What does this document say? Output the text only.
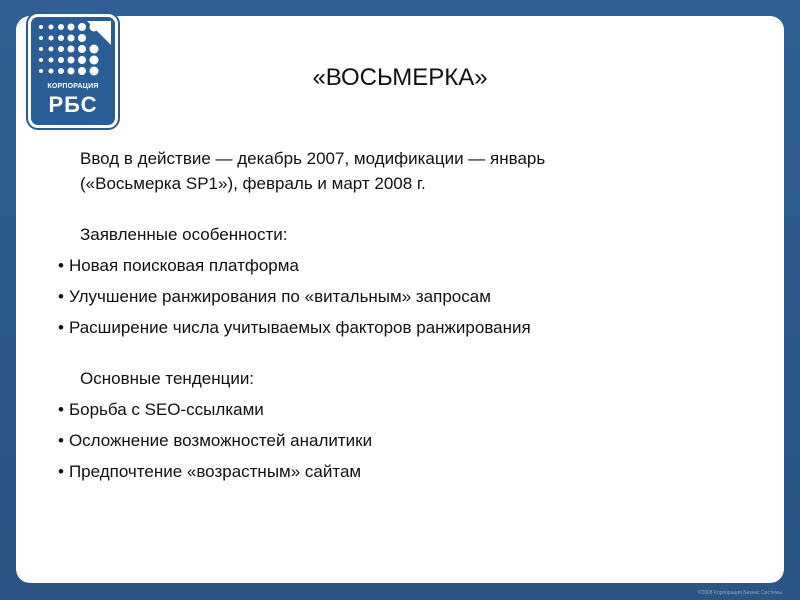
КОРПОРАЦИЯ
РБС
«ВОСЬМЕРКА»
Ввод в действие — декабрь 2007, модификации — январь
(«Восьмерка SP1»), февраль и март 2008 г.
Заявленные особенности:
• Новая поисковая платформа
• Улучшение ранжирования по «витальным» запросам
• Расширение числа учитываемых факторов ранжирования
Основные тенденции:
• Борьба с SEO-ссылками
• Осложнение возможностей аналитики
• Предпочтение «возрастным» сайтам
©2008 Корпорация Бизнес Системы
